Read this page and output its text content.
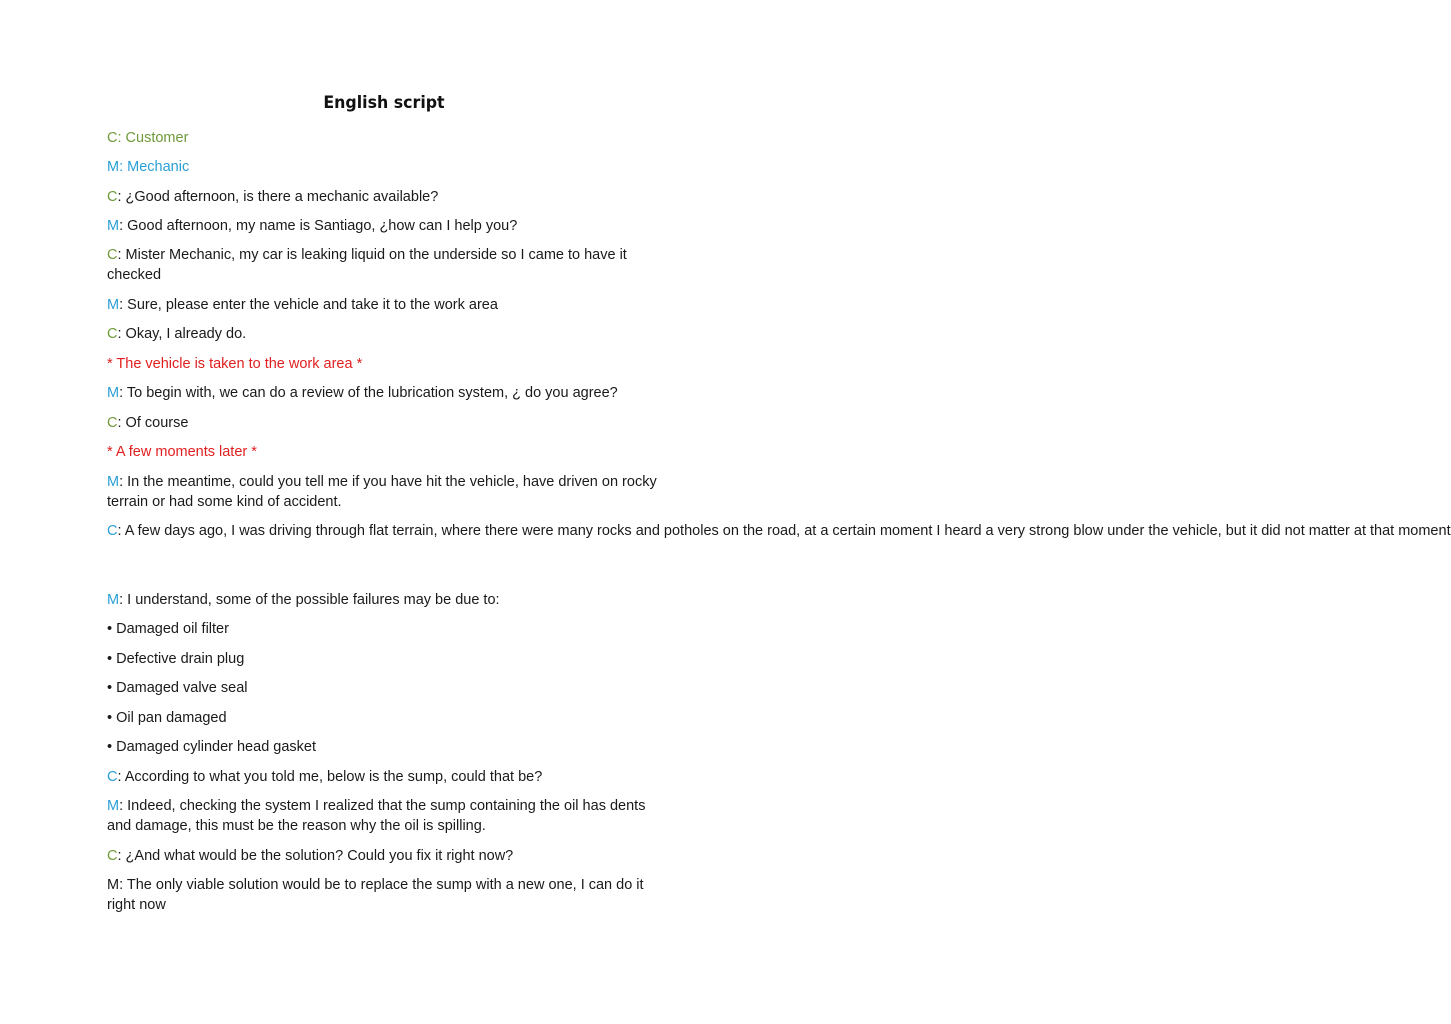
English script
C: Customer
M: Mechanic
C: ¿Good afternoon, is there a mechanic available?
M: Good afternoon, my name is Santiago, ¿how can I help you?
C: Mister Mechanic, my car is leaking liquid on the underside so I came to have it checked
M: Sure, please enter the vehicle and take it to the work area
C: Okay, I already do.
* The vehicle is taken to the work area *
M: To begin with, we can do a review of the lubrication system, ¿ do you agree?
C: Of course
* A few moments later *
M: In the meantime, could you tell me if you have hit the vehicle, have driven on rocky terrain or had some kind of accident.
C: A few days ago, I was driving through flat terrain, where there were many rocks and potholes on the road, at a certain moment I heard a very strong blow under the vehicle, but it did not matter at that moment
M: I understand, some of the possible failures may be due to:
• Damaged oil filter
• Defective drain plug
• Damaged valve seal
• Oil pan damaged
• Damaged cylinder head gasket
C: According to what you told me, below is the sump, could that be?
M: Indeed, checking the system I realized that the sump containing the oil has dents and damage, this must be the reason why the oil is spilling.
C: ¿And what would be the solution? Could you fix it right now?
M: The only viable solution would be to replace the sump with a new one, I can do it right now
